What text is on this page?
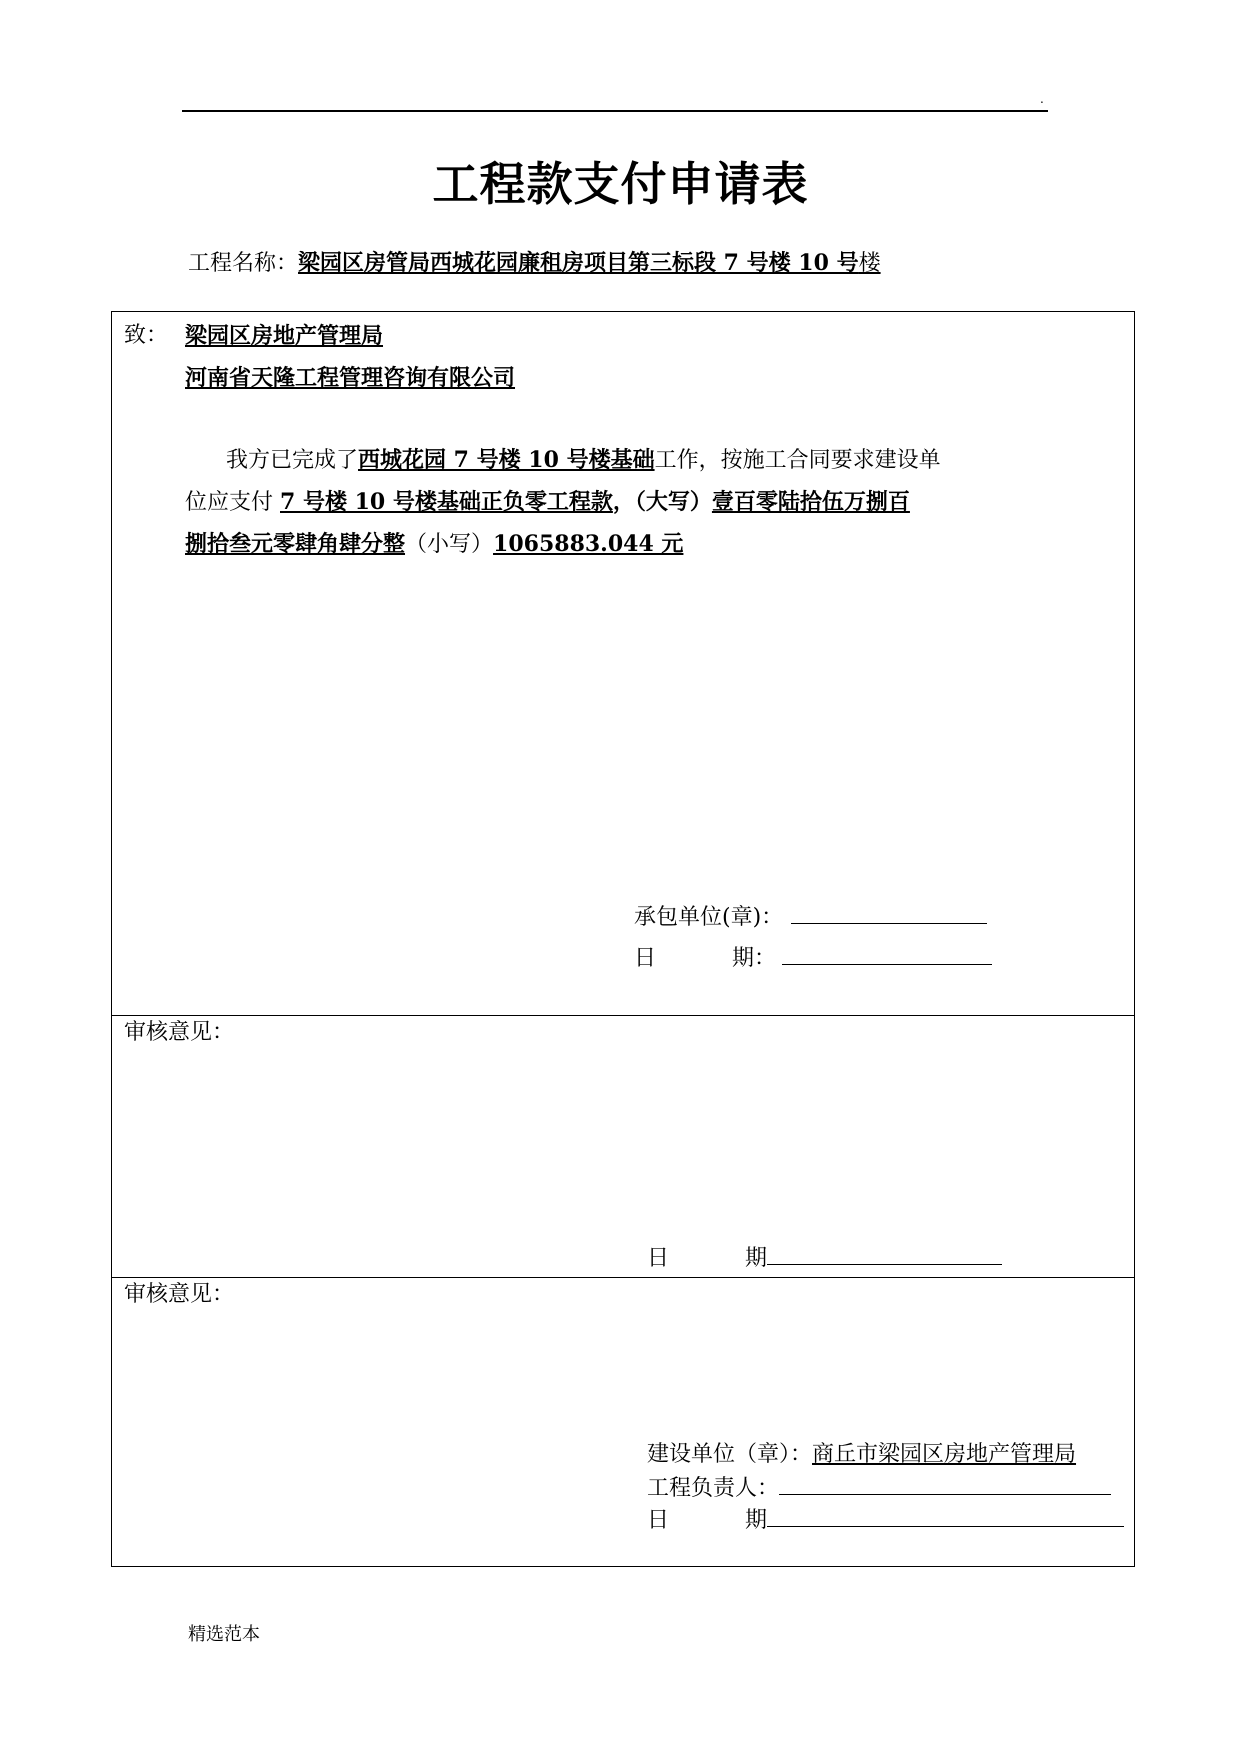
.
工程款支付申请表
工程名称：梁园区房管局西城花园廉租房项目第三标段 7 号楼 10 号楼
致： 梁园区房地产管理局
河南省天隆工程管理咨询有限公司
我方已完成了西城花园 7 号楼 10 号楼基础工作，按施工合同要求建设单
位应支付 7 号楼 10 号楼基础正负零工程款，（大写）壹百零陆拾伍万捌百
捌拾叁元零肆角肆分整（小写）1065883.044 元
承包单位(章)：
日	期：
审核意见：
日	期
审核意见：
建设单位（章）：商丘市梁园区房地产管理局
工程负责人：
日	期
精选范本
